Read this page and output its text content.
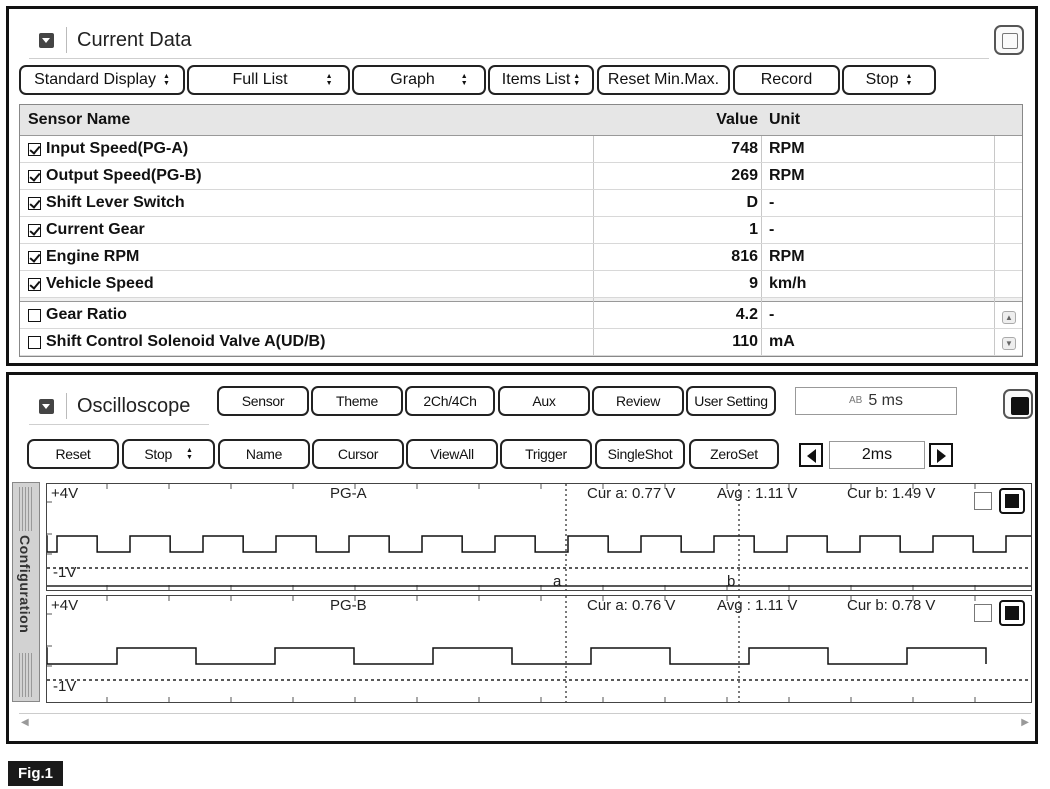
Current Data
Standard Display ▲
▼	Full List	▲
▼	Graph	▲
▼ Items List ▲
▼ Reset Min.Max.	Record	Stop ▲
▼
Sensor Name	Value Unit
Input Speed(PG-A)	748 RPM
Output Speed(PG-B)	269 RPM
Shift Lever Switch	D -
Current Gear	1 -
Engine RPM	816 RPM
Vehicle Speed	9 km/h
Gear Ratio	4.2 -
Shift Control Solenoid Valve A(UD/B)	110 mA
▲
▼
Oscilloscope	Sensor	Theme	2Ch/4Ch	Aux	Review User Setting	AB 5 ms
Reset	Stop ▲
▼	Name	Cursor	ViewAll	Trigger	SingleShot	ZeroSet	2ms
Configuration
+4V	PG-A	Cur a: 0.77 V	Avg : 1.11 V	Cur b: 1.49 V
-1V
a	b
+4V	PG-B	Cur a: 0.76 V	Avg : 1.11 V	Cur b: 0.78 V
-1V
◀	▶
Fig.1
